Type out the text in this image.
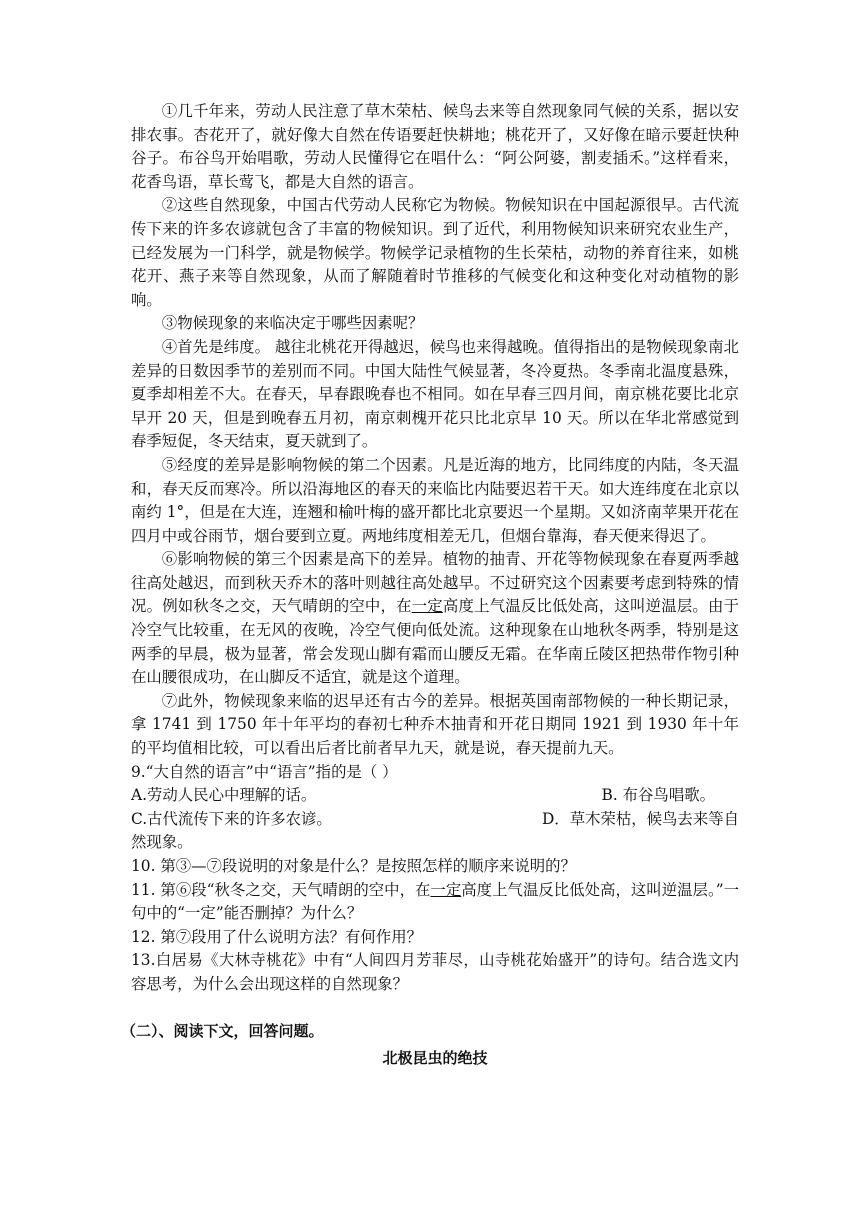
①几千年来，劳动人民注意了草木荣枯、候鸟去来等自然现象同气候的关系，据以安排农事。杏花开了，就好像大自然在传语要赶快耕地；桃花开了，又好像在暗示要赶快种谷子。布谷鸟开始唱歌，劳动人民懂得它在唱什么：“阿公阿婆，割麦插禾。”这样看来，花香鸟语，草长莺飞，都是大自然的语言。

②这些自然现象，中国古代劳动人民称它为物候。物候知识在中国起源很早。古代流传下来的许多农谚就包含了丰富的物候知识。到了近代，利用物候知识来研究农业生产，已经发展为一门科学，就是物候学。物候学记录植物的生长荣枯，动物的养育往来，如桃花开、燕子来等自然现象，从而了解随着时节推移的气候变化和这种变化对动植物的影响。

③物候现象的来临决定于哪些因素呢？

④首先是纬度。 越往北桃花开得越迟，候鸟也来得越晚。值得指出的是物候现象南北差异的日数因季节的差别而不同。中国大陆性气候显著，冬冷夏热。冬季南北温度悬殊，夏季却相差不大。在春天，早春跟晚春也不相同。如在早春三四月间，南京桃花要比北京早开 20 天，但是到晚春五月初，南京刺槐开花只比北京早 10 天。所以在华北常感觉到春季短促，冬天结束，夏天就到了。

⑤经度的差异是影响物候的第二个因素。凡是近海的地方，比同纬度的内陆，冬天温和，春天反而寒冷。所以沿海地区的春天的来临比内陆要迟若干天。如大连纬度在北京以南约 1°，但是在大连，连翘和榆叶梅的盛开都比北京要迟一个星期。又如济南苹果开花在四月中或谷雨节，烟台要到立夏。两地纬度相差无几，但烟台靠海，春天便来得迟了。

⑥影响物候的第三个因素是高下的差异。植物的抽青、开花等物候现象在春夏两季越往高处越迟，而到秋天乔木的落叶则越往高处越早。不过研究这个因素要考虑到特殊的情况。例如秋冬之交，天气晴朗的空中，在一定高度上气温反比低处高，这叫逆温层。由于冷空气比较重，在无风的夜晚，冷空气便向低处流。这种现象在山地秋冬两季，特别是这两季的早晨，极为显著，常会发现山脚有霜而山腰反无霜。在华南丘陵区把热带作物引种在山腰很成功，在山脚反不适宜，就是这个道理。

⑦此外，物候现象来临的迟早还有古今的差异。根据英国南部物候的一种长期记录，拿 1741 到 1750 年十年平均的春初七种乔木抽青和开花日期同 1921 到 1930 年十年的平均值相比较，可以看出后者比前者早九天，就是说，春天提前九天。

9.“大自然的语言”中“语言”指的是（ ）

A.劳动人民心中理解的话。	B. 布谷鸟唱歌。
C.古代流传下来的许多农谚。	D．草木荣枯，候鸟去来等自

然现象。

10. 第③—⑦段说明的对象是什么？是按照怎样的顺序来说明的？

11. 第⑥段“秋冬之交，天气晴朗的空中，在一定高度上气温反比低处高，这叫逆温层。”一句中的“一定”能否删掉？为什么？

12. 第⑦段用了什么说明方法？有何作用？

13.白居易《大林寺桃花》中有“人间四月芳菲尽，山寺桃花始盛开”的诗句。结合选文内容思考，为什么会出现这样的自然现象？

（二）、阅读下文，回答问题。

北极昆虫的绝技
